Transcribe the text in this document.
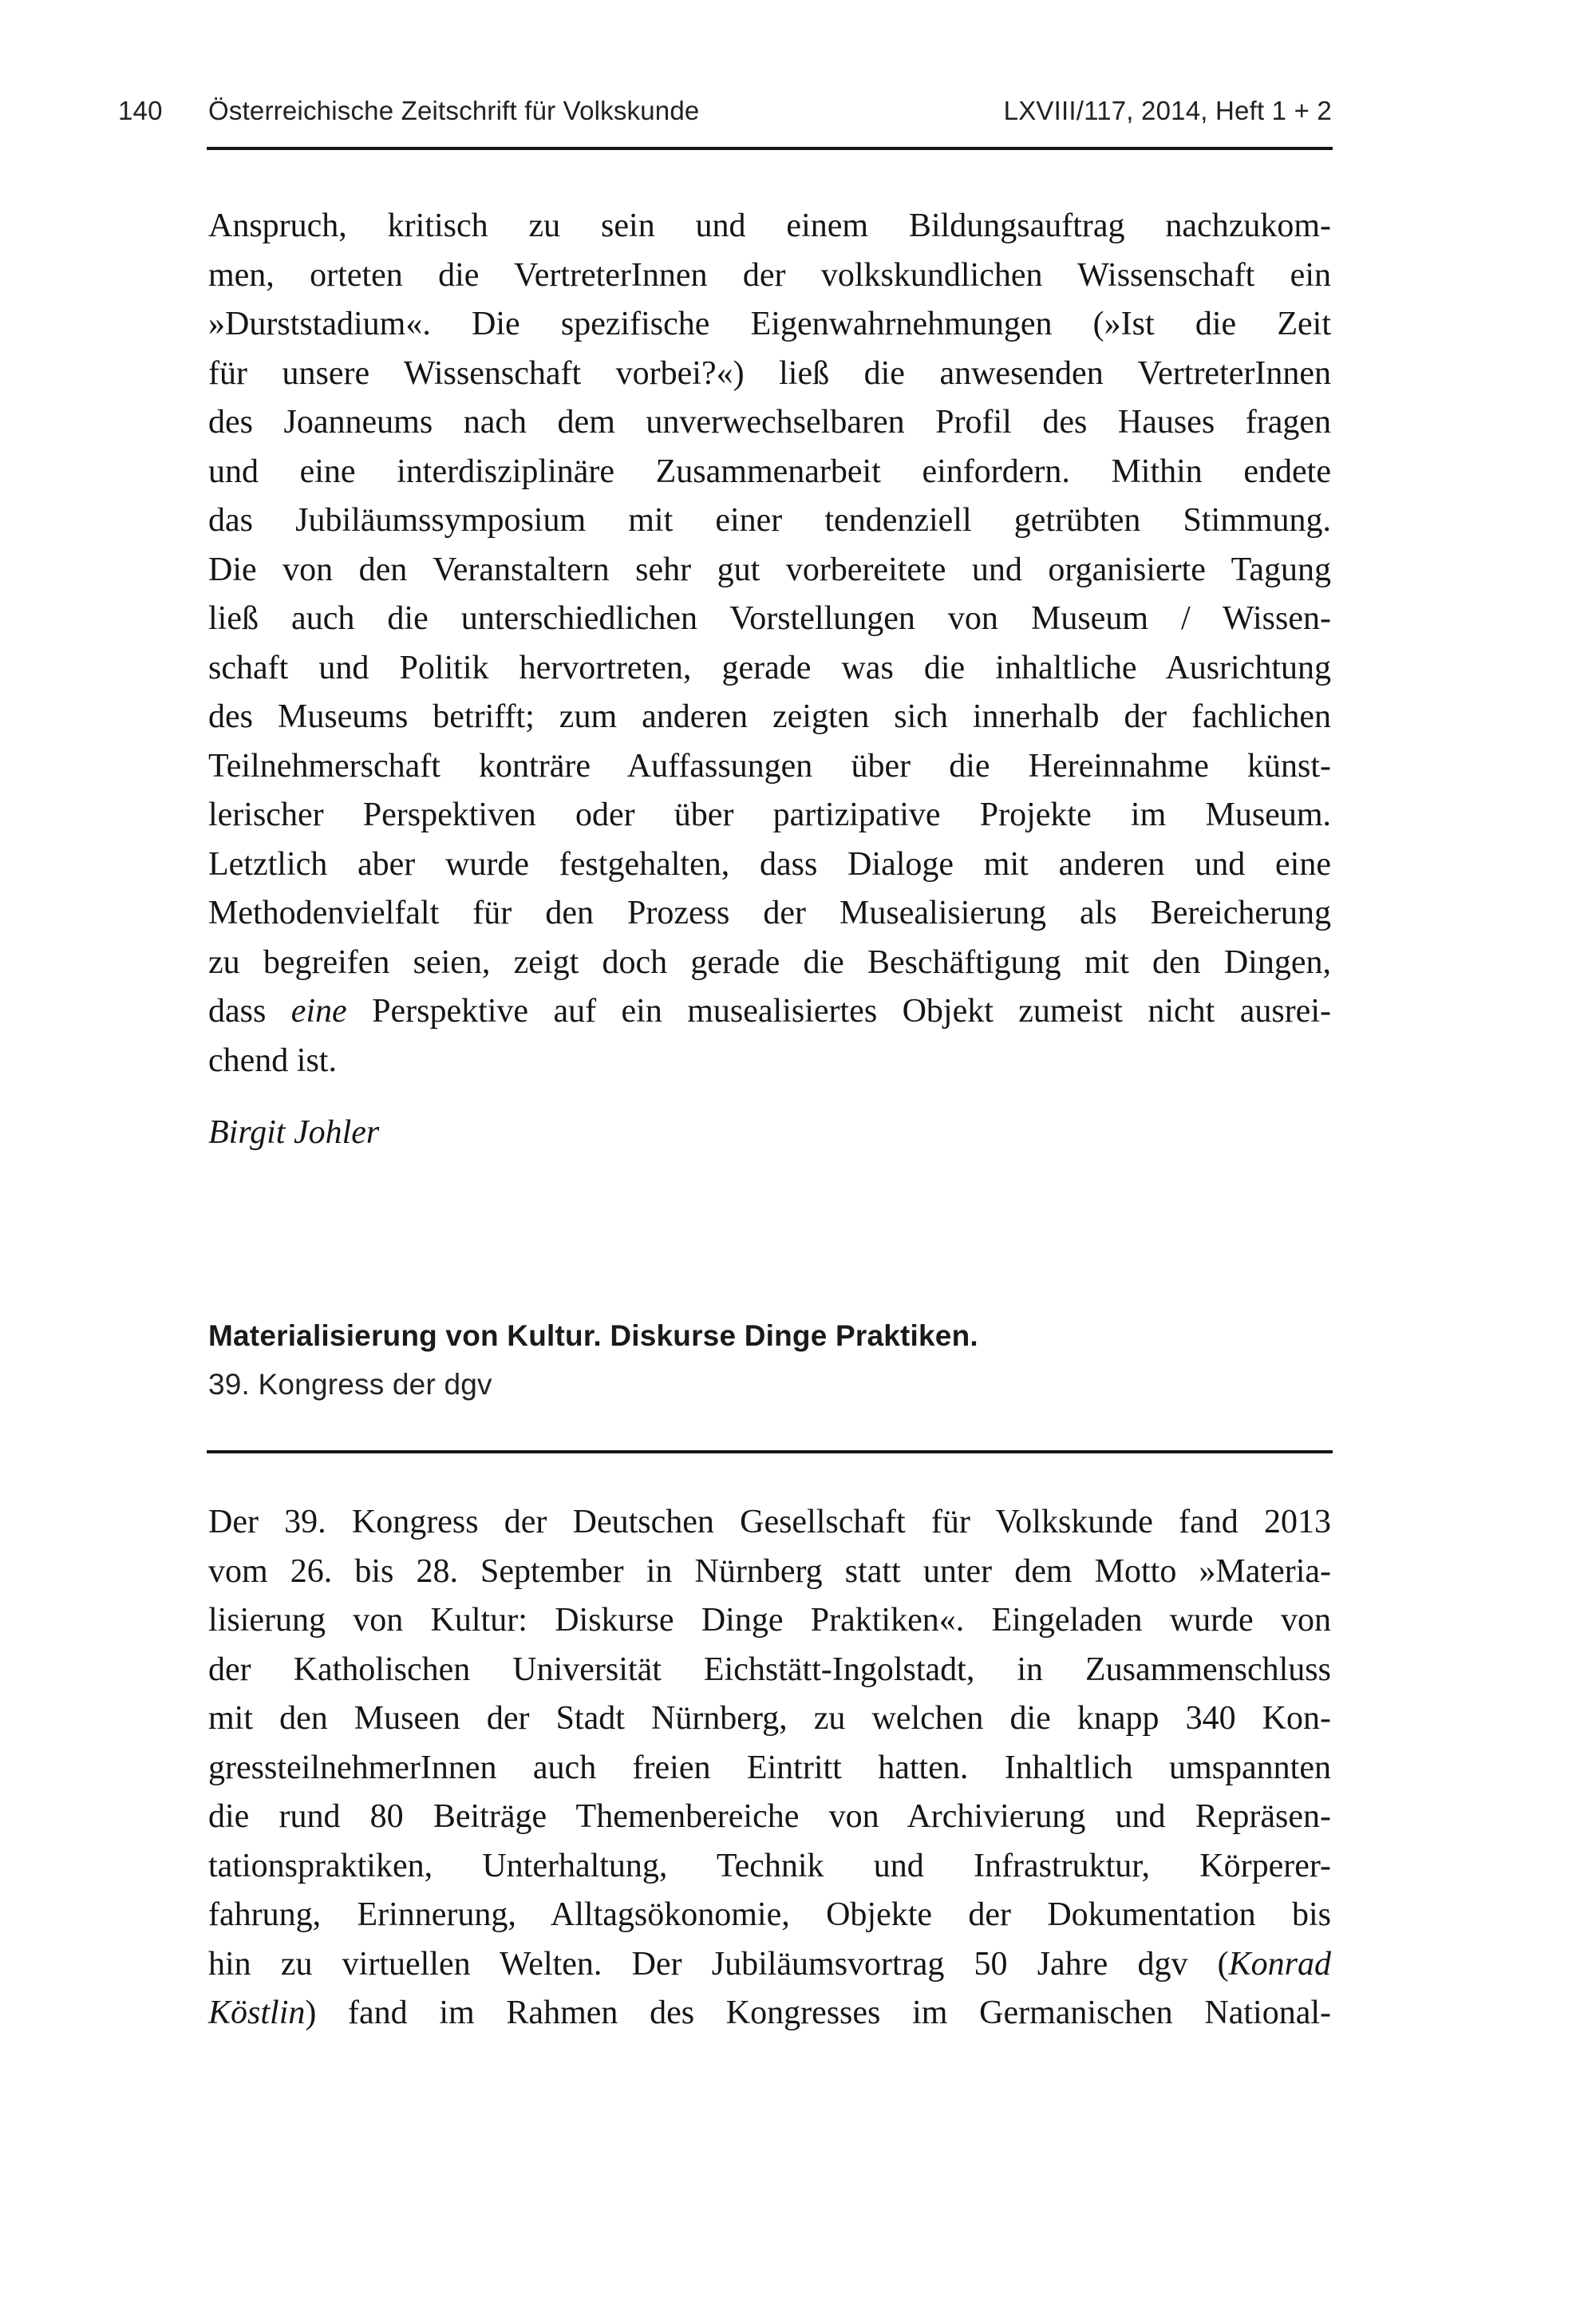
140 Österreichische Zeitschrift für Volkskunde	LXVIII/117, 2014, Heft 1 + 2
Anspruch, kritisch zu sein und einem Bildungsauftrag nachzukom-
men, orteten die VertreterInnen der volkskundlichen Wissenschaft ein
»Durststadium«. Die spezifische Eigenwahrnehmungen (»Ist die Zeit
für unsere Wissenschaft vorbei?«) ließ die anwesenden VertreterInnen
des Joanneums nach dem unverwechselbaren Profil des Hauses fragen
und eine interdisziplinäre Zusammenarbeit einfordern. Mithin endete
das Jubiläumssymposium mit einer tendenziell getrübten Stimmung.
Die von den Veranstaltern sehr gut vorbereitete und organisierte Tagung
ließ auch die unterschiedlichen Vorstellungen von Museum / Wissen-
schaft und Politik hervortreten, gerade was die inhaltliche Ausrichtung
des Museums betrifft; zum anderen zeigten sich innerhalb der fachlichen
Teilnehmerschaft konträre Auffassungen über die Hereinnahme künst-
lerischer Perspektiven oder über partizipative Projekte im Museum.
Letztlich aber wurde festgehalten, dass Dialoge mit anderen und eine
Methodenvielfalt für den Prozess der Musealisierung als Bereicherung
zu begreifen seien, zeigt doch gerade die Beschäftigung mit den Dingen,
dass eine Perspektive auf ein musealisiertes Objekt zumeist nicht ausrei-
chend ist.
Birgit Johler
Materialisierung von Kultur. Diskurse Dinge Praktiken.
39. Kongress der dgv
Der 39. Kongress der Deutschen Gesellschaft für Volkskunde fand 2013
vom 26. bis 28. September in Nürnberg statt unter dem Motto »Materia-
lisierung von Kultur: Diskurse Dinge Praktiken«. Eingeladen wurde von
der Katholischen Universität Eichstätt-Ingolstadt, in Zusammenschluss
mit den Museen der Stadt Nürnberg, zu welchen die knapp 340 Kon-
gressteilnehmerInnen auch freien Eintritt hatten. Inhaltlich umspannten
die rund 80 Beiträge Themenbereiche von Archivierung und Repräsen-
tationspraktiken, Unterhaltung, Technik und Infrastruktur, Körperer-
fahrung, Erinnerung, Alltagsökonomie, Objekte der Dokumentation bis
hin zu virtuellen Welten. Der Jubiläumsvortrag 50 Jahre dgv (Konrad
Köstlin) fand im Rahmen des Kongresses im Germanischen National-
